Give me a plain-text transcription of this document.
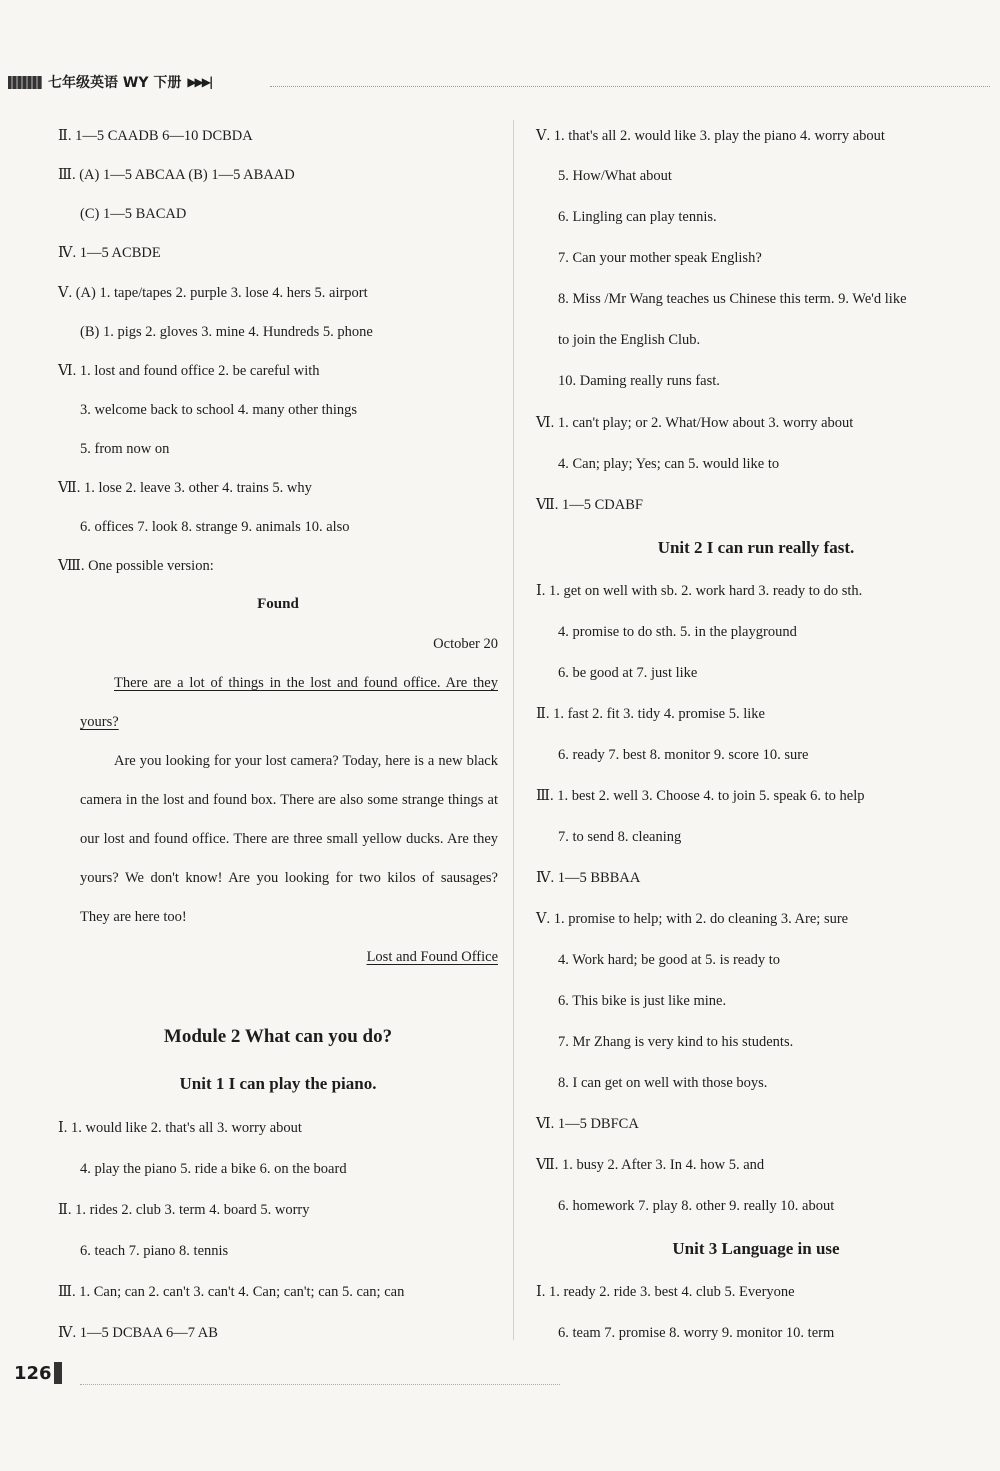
七年级英语 WY 下册 ▶▶▶|
Ⅱ. 1—5 CAADB 6—10 DCBDA
Ⅲ. (A) 1—5 ABCAA (B) 1—5 ABAAD
(C) 1—5 BACAD
Ⅳ. 1—5 ACBDE
Ⅴ. (A) 1. tape/tapes 2. purple 3. lose 4. hers 5. airport
(B) 1. pigs 2. gloves 3. mine 4. Hundreds 5. phone
Ⅵ. 1. lost and found office 2. be careful with
3. welcome back to school 4. many other things
5. from now on
Ⅶ. 1. lose 2. leave 3. other 4. trains 5. why
6. offices 7. look 8. strange 9. animals 10. also
Ⅷ. One possible version:
Found
October 20
There are a lot of things in the lost and found office. Are they yours?
Are you looking for your lost camera? Today, here is a new black camera in the lost and found box. There are also some strange things at our lost and found office. There are three small yellow ducks. Are they yours? We don't know! Are you looking for two kilos of sausages? They are here too!
Lost and Found Office
Module 2 What can you do?
Unit 1 I can play the piano.
Ⅰ. 1. would like 2. that's all 3. worry about
4. play the piano 5. ride a bike 6. on the board
Ⅱ. 1. rides 2. club 3. term 4. board 5. worry
6. teach 7. piano 8. tennis
Ⅲ. 1. Can; can 2. can't 3. can't 4. Can; can't; can 5. can; can
Ⅳ. 1—5 DCBAA 6—7 AB
Ⅴ. 1. that's all 2. would like 3. play the piano 4. worry about
5. How/What about
6. Lingling can play tennis.
7. Can your mother speak English?
8. Miss /Mr Wang teaches us Chinese this term. 9. We'd like
to join the English Club.
10. Daming really runs fast.
Ⅵ. 1. can't play; or 2. What/How about 3. worry about
4. Can; play; Yes; can 5. would like to
Ⅶ. 1—5 CDABF
Unit 2 I can run really fast.
Ⅰ. 1. get on well with sb. 2. work hard 3. ready to do sth.
4. promise to do sth. 5. in the playground
6. be good at 7. just like
Ⅱ. 1. fast 2. fit 3. tidy 4. promise 5. like
6. ready 7. best 8. monitor 9. score 10. sure
Ⅲ. 1. best 2. well 3. Choose 4. to join 5. speak 6. to help
7. to send 8. cleaning
Ⅳ. 1—5 BBBAA
Ⅴ. 1. promise to help; with 2. do cleaning 3. Are; sure
4. Work hard; be good at 5. is ready to
6. This bike is just like mine.
7. Mr Zhang is very kind to his students.
8. I can get on well with those boys.
Ⅵ. 1—5 DBFCA
Ⅶ. 1. busy 2. After 3. In 4. how 5. and
6. homework 7. play 8. other 9. really 10. about
Unit 3 Language in use
Ⅰ. 1. ready 2. ride 3. best 4. club 5. Everyone
6. team 7. promise 8. worry 9. monitor 10. term
126
